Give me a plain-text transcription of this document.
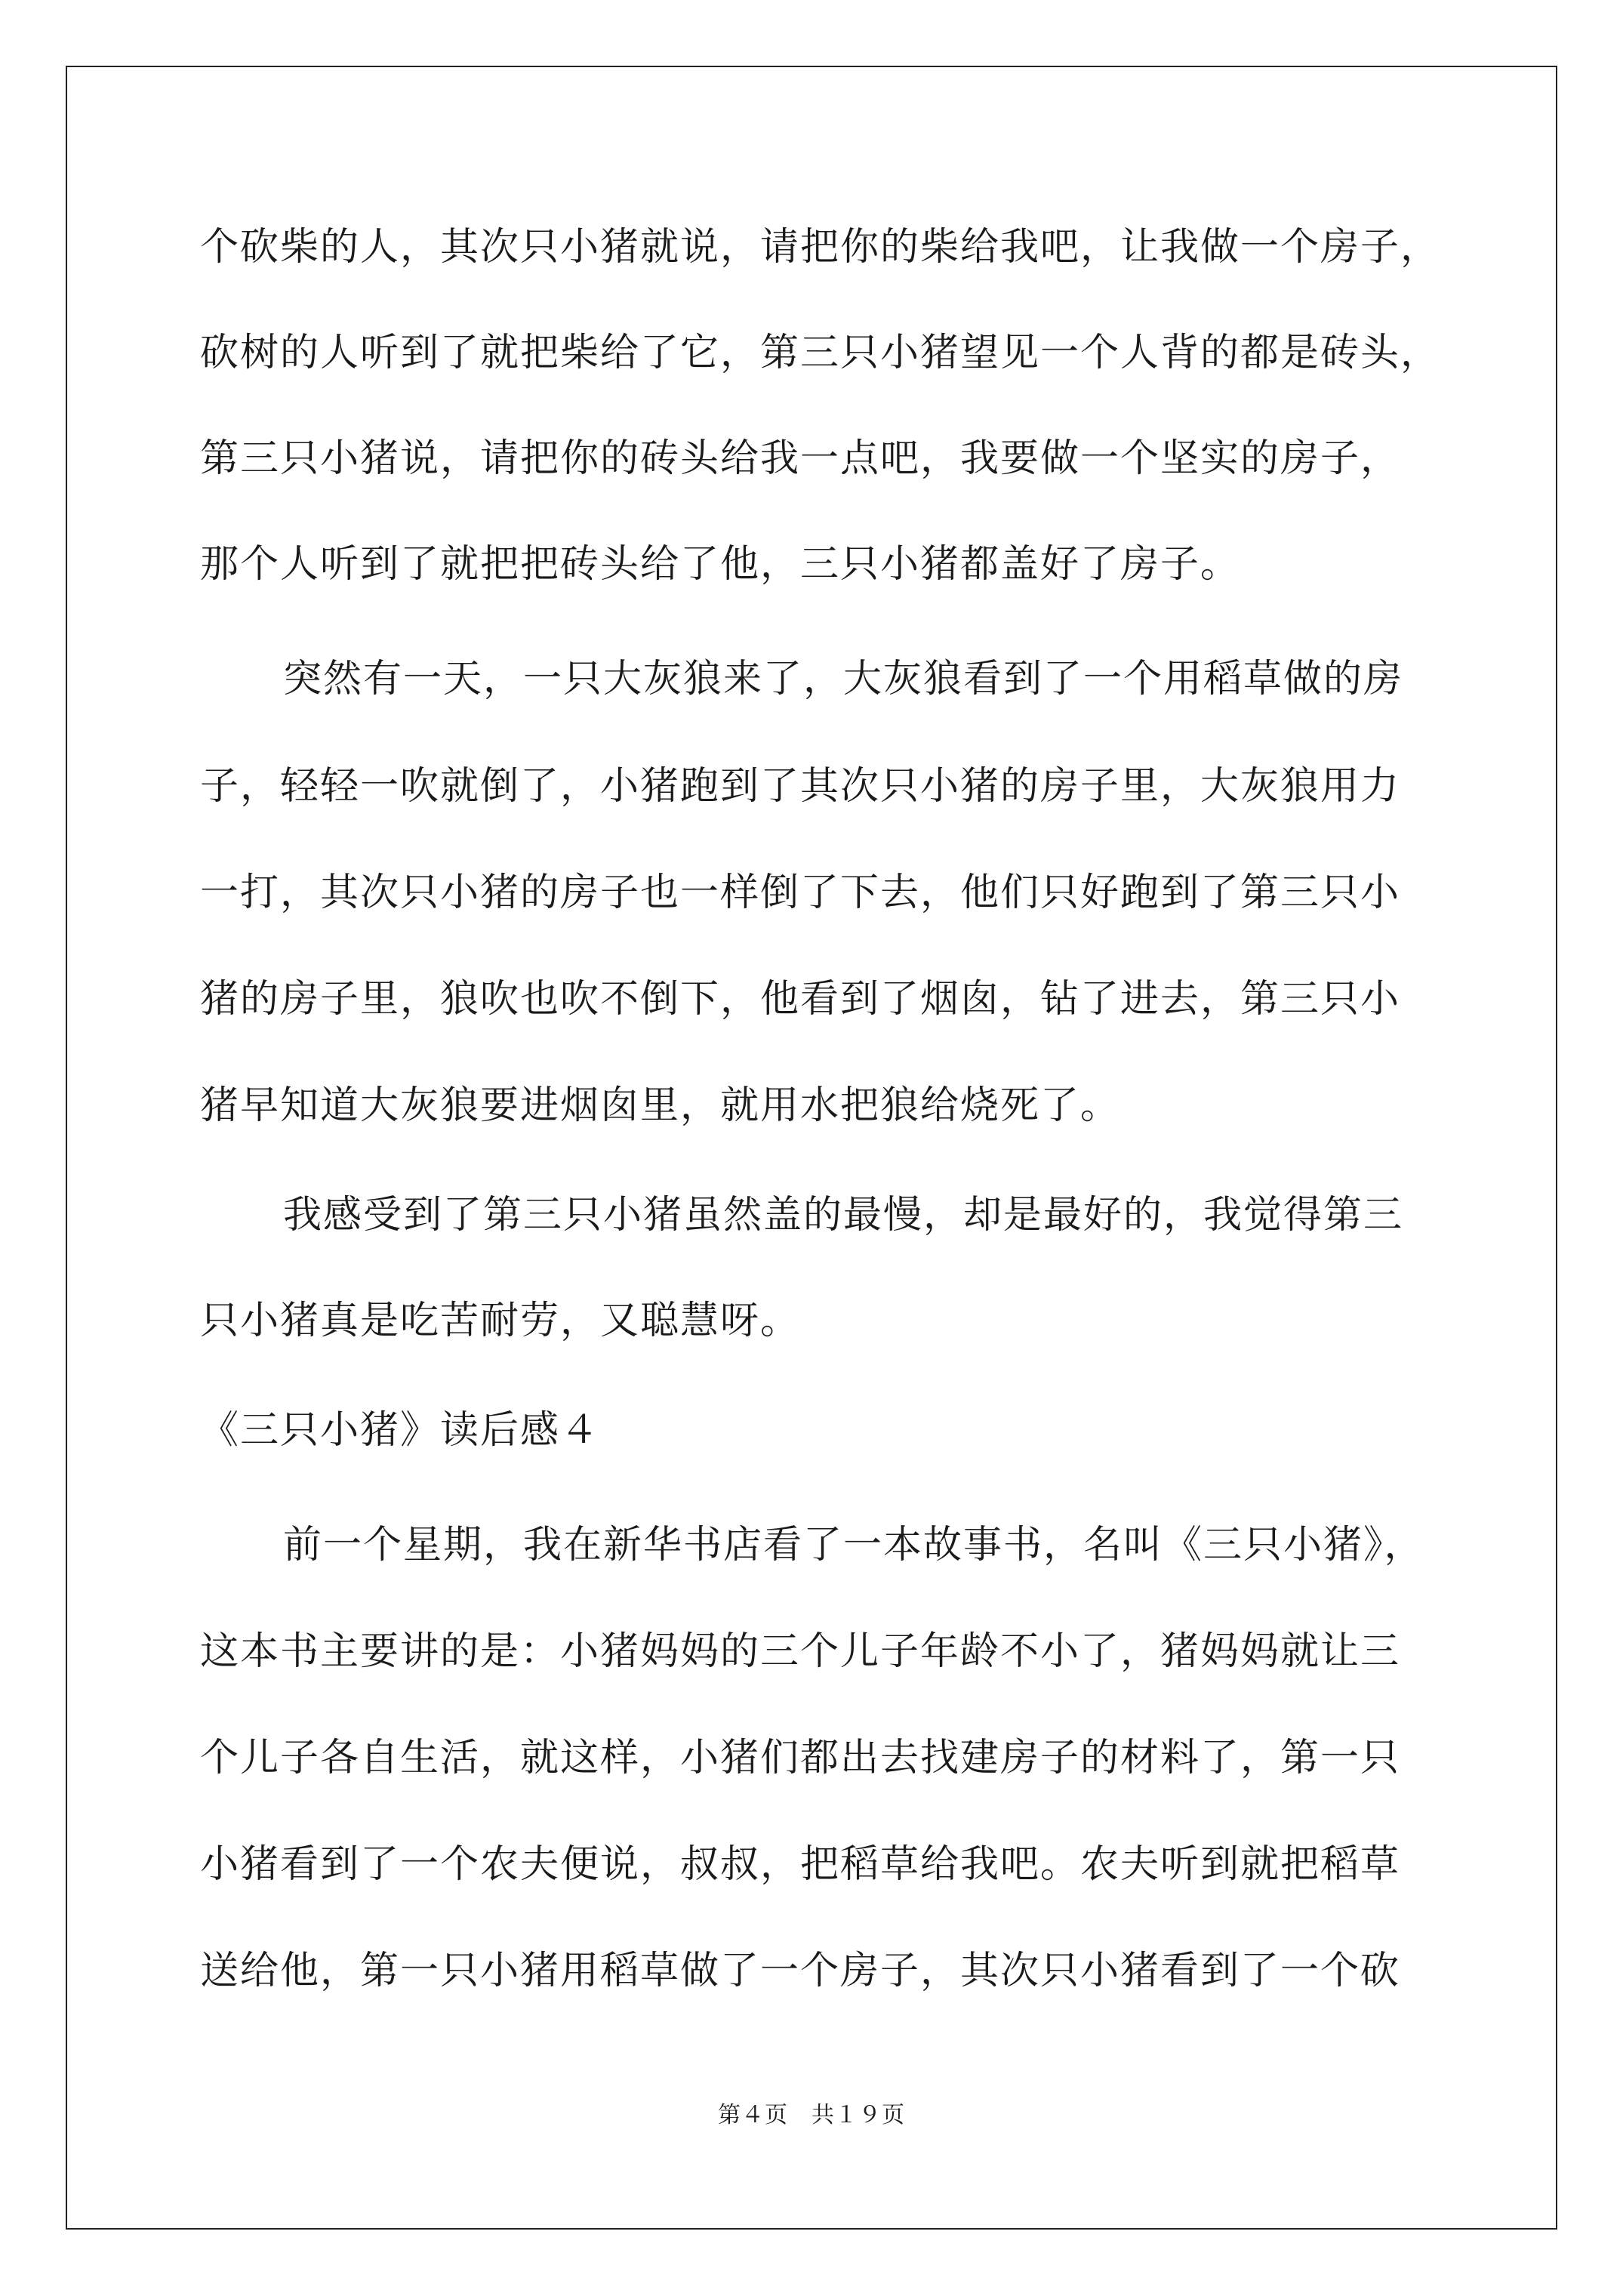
个砍柴的人，其次只小猪就说，请把你的柴给我吧，让我做一个房子，
砍树的人听到了就把柴给了它，第三只小猪望见一个人背的都是砖头，
第三只小猪说，请把你的砖头给我一点吧，我要做一个坚实的房子，
那个人听到了就把把砖头给了他，三只小猪都盖好了房子。
突然有一天，一只大灰狼来了，大灰狼看到了一个用稻草做的房
子，轻轻一吹就倒了，小猪跑到了其次只小猪的房子里，大灰狼用力
一打，其次只小猪的房子也一样倒了下去，他们只好跑到了第三只小
猪的房子里，狼吹也吹不倒下，他看到了烟囱，钻了进去，第三只小
猪早知道大灰狼要进烟囱里，就用水把狼给烧死了。
我感受到了第三只小猪虽然盖的最慢，却是最好的，我觉得第三
只小猪真是吃苦耐劳，又聪慧呀。
前一个星期，我在新华书店看了一本故事书，名叫《三只小猪》，
这本书主要讲的是：小猪妈妈的三个儿子年龄不小了，猪妈妈就让三
个儿子各自生活，就这样，小猪们都出去找建房子的材料了，第一只
小猪看到了一个农夫便说，叔叔，把稻草给我吧。农夫听到就把稻草
送给他，第一只小猪用稻草做了一个房子，其次只小猪看到了一个砍
《三只小猪》读后感４
第４页　共１９页
